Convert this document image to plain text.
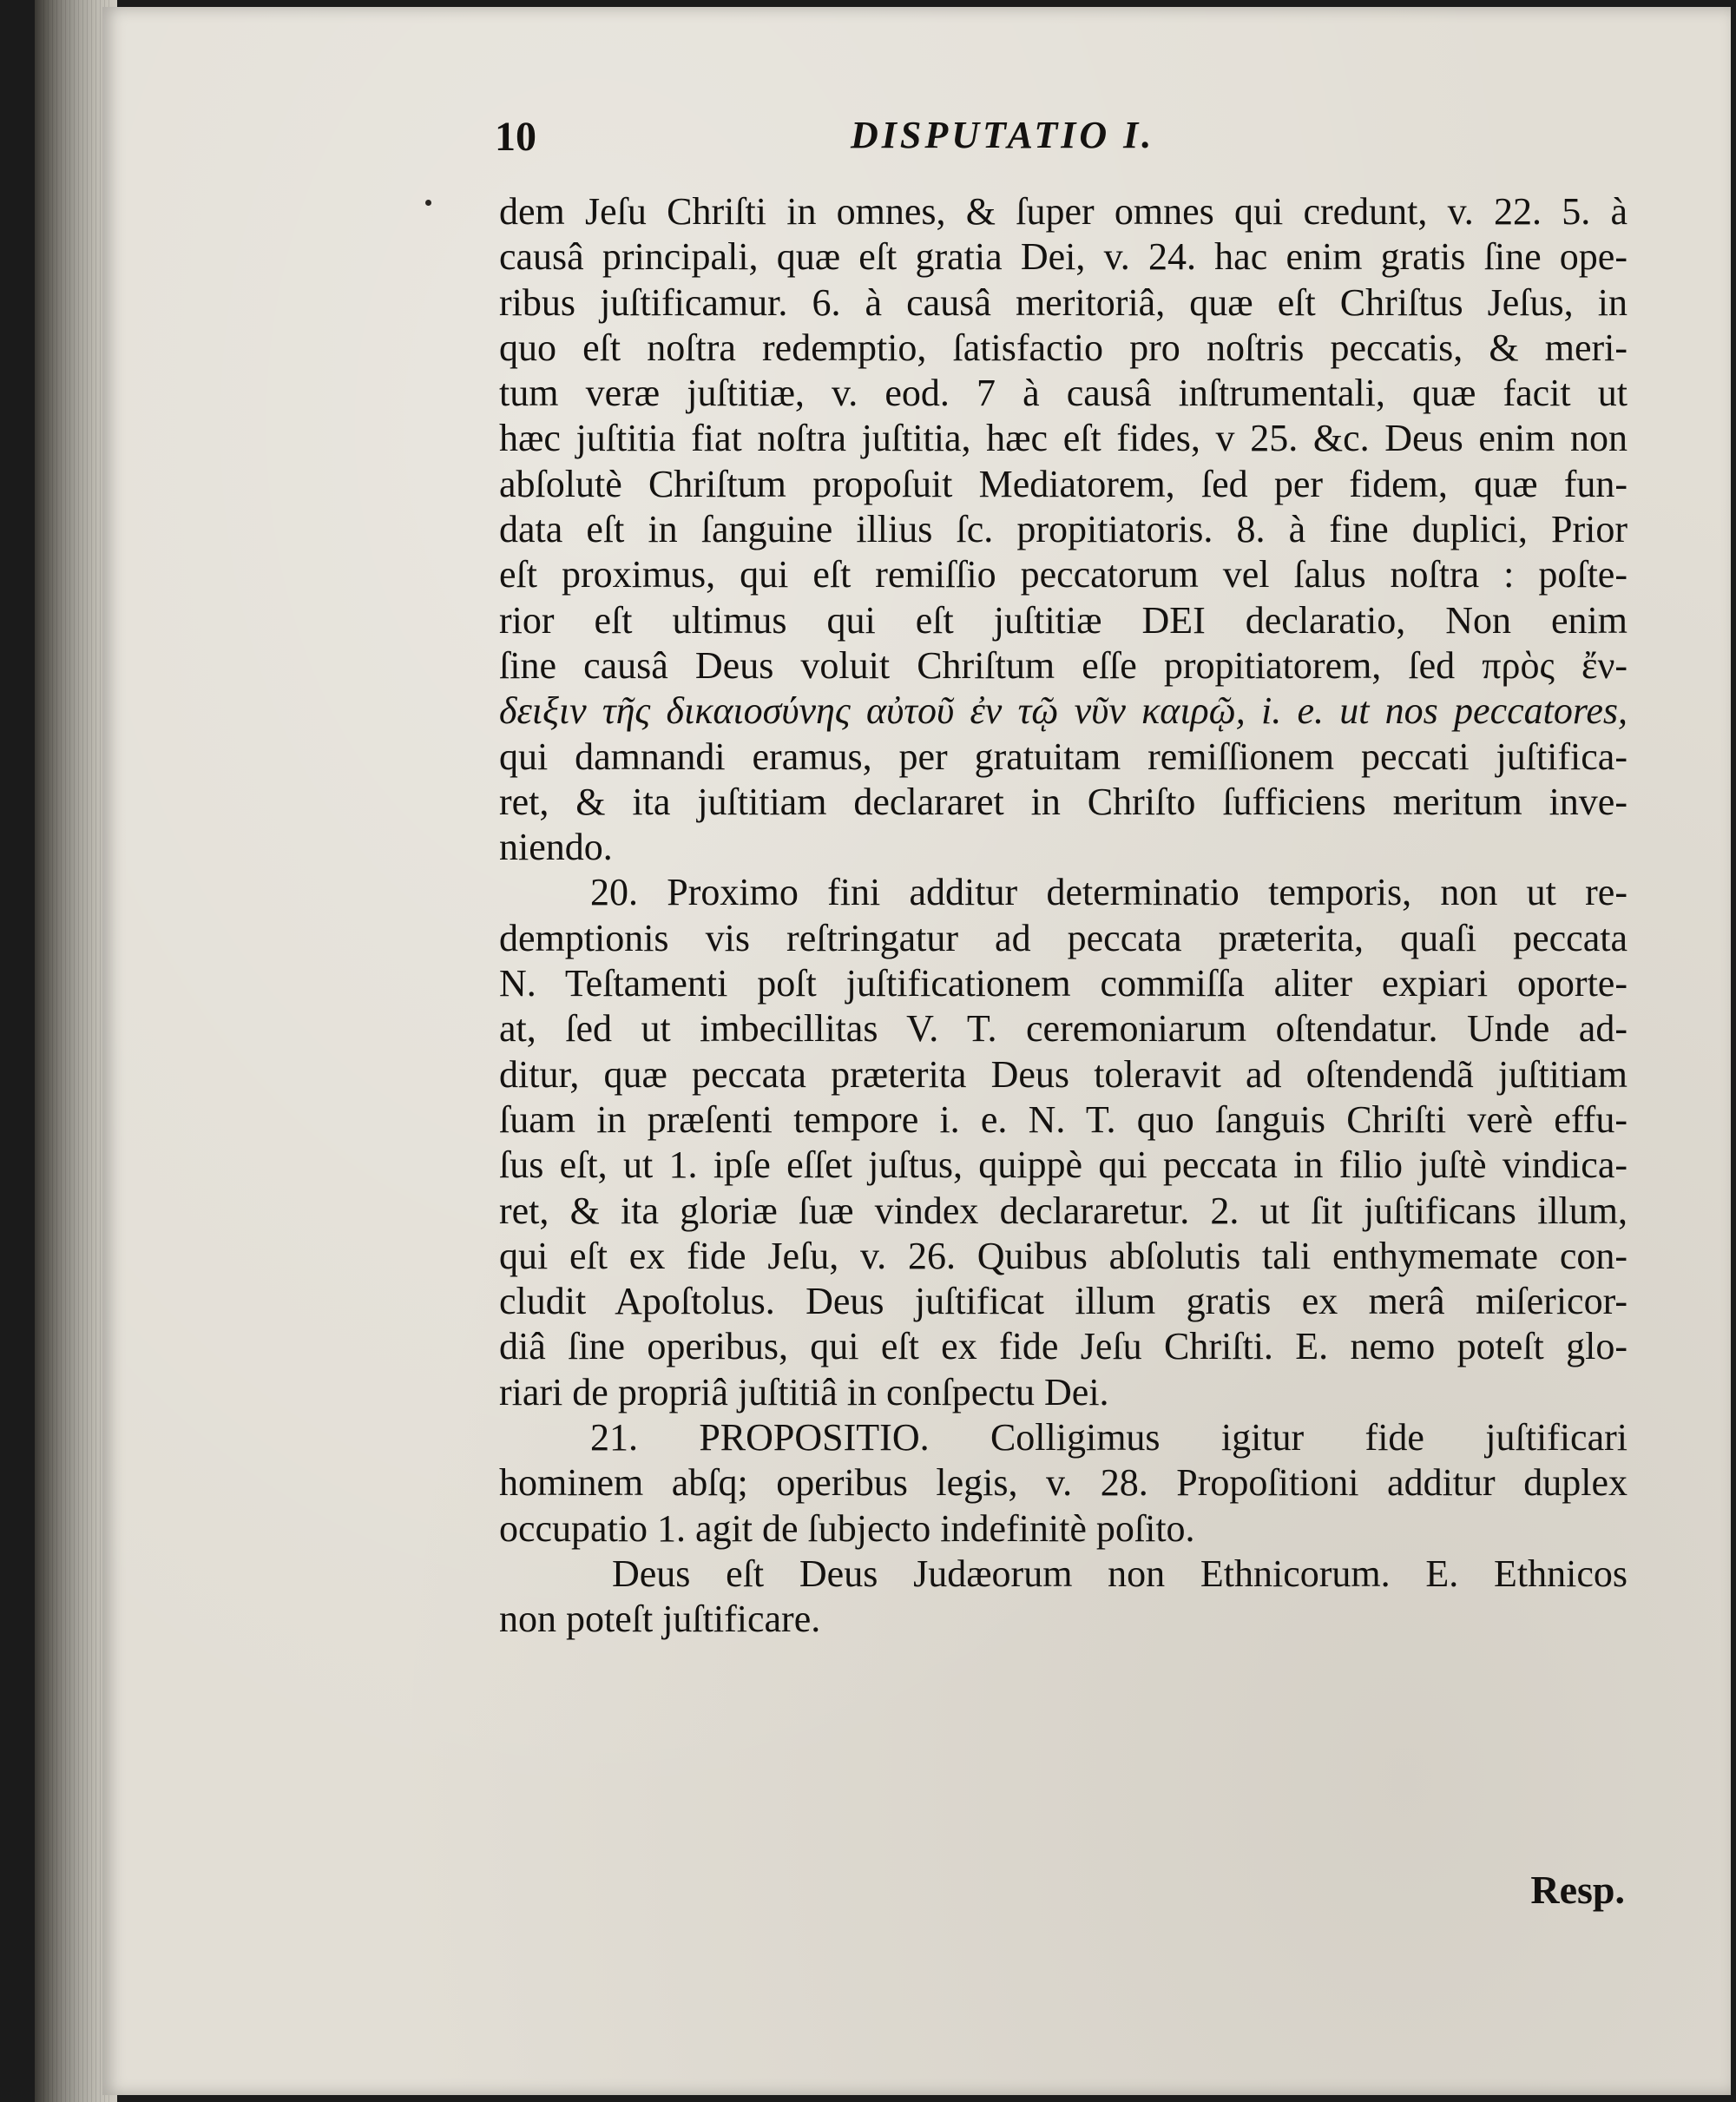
10	DISPUTATIO I.
dem Jeſu Chriſti in omnes, & ſuper omnes qui credunt, v. 22. 5. à
causâ principali, quæ eſt gratia Dei, v. 24. hac enim gratis ſine ope-
ribus juſtificamur. 6. à causâ meritoriâ, quæ eſt Chriſtus Jeſus, in
quo eſt noſtra redemptio, ſatisfactio pro noſtris peccatis, & meri-
tum veræ juſtitiæ, v. eod. 7 à causâ inſtrumentali, quæ facit ut
hæc juſtitia fiat noſtra juſtitia, hæc eſt fides, v 25. &c. Deus enim non
abſolutè Chriſtum propoſuit Mediatorem, ſed per fidem, quæ fun-
data eſt in ſanguine illius ſc. propitiatoris. 8. à fine duplici, Prior
eſt proximus, qui eſt remiſſio peccatorum vel ſalus noſtra : poſte-
rior eſt ultimus qui eſt juſtitiæ DEI declaratio, Non enim
ſine causâ Deus voluit Chriſtum eſſe propitiatorem, ſed πρὸς ἔν-
δειξιν τῆς δικαιοσύνης αὐτοῦ ἐν τῷ νῦν καιρῷ, i. e. ut nos peccatores,
qui damnandi eramus, per gratuitam remiſſionem peccati juſtifica-
ret, & ita juſtitiam declararet in Chriſto ſufficiens meritum inve-
niendo.
20. Proximo fini additur determinatio temporis, non ut re-
demptionis vis reſtringatur ad peccata præterita, quaſi peccata
N. Teſtamenti poſt juſtificationem commiſſa aliter expiari oporte-
at, ſed ut imbecillitas V. T. ceremoniarum oſtendatur. Unde ad-
ditur, quæ peccata præterita Deus toleravit ad oſtendendã juſtitiam
ſuam in præſenti tempore i. e. N. T. quo ſanguis Chriſti verè effu-
ſus eſt, ut 1. ipſe eſſet juſtus, quippè qui peccata in filio juſtè vindica-
ret, & ita gloriæ ſuæ vindex declararetur. 2. ut ſit juſtificans illum,
qui eſt ex fide Jeſu, v. 26. Quibus abſolutis tali enthymemate con-
cludit Apoſtolus. Deus juſtificat illum gratis ex merâ miſericor-
diâ ſine operibus, qui eſt ex fide Jeſu Chriſti. E. nemo poteſt glo-
riari de propriâ juſtitiâ in conſpectu Dei.
21. PROPOSITIO. Colligimus igitur fide juſtificari
hominem abſq; operibus legis, v. 28. Propoſitioni additur duplex
occupatio 1. agit de ſubjecto indefinitè poſito.
Deus eſt Deus Judæorum non Ethnicorum. E. Ethnicos
non poteſt juſtificare.
Resp.
